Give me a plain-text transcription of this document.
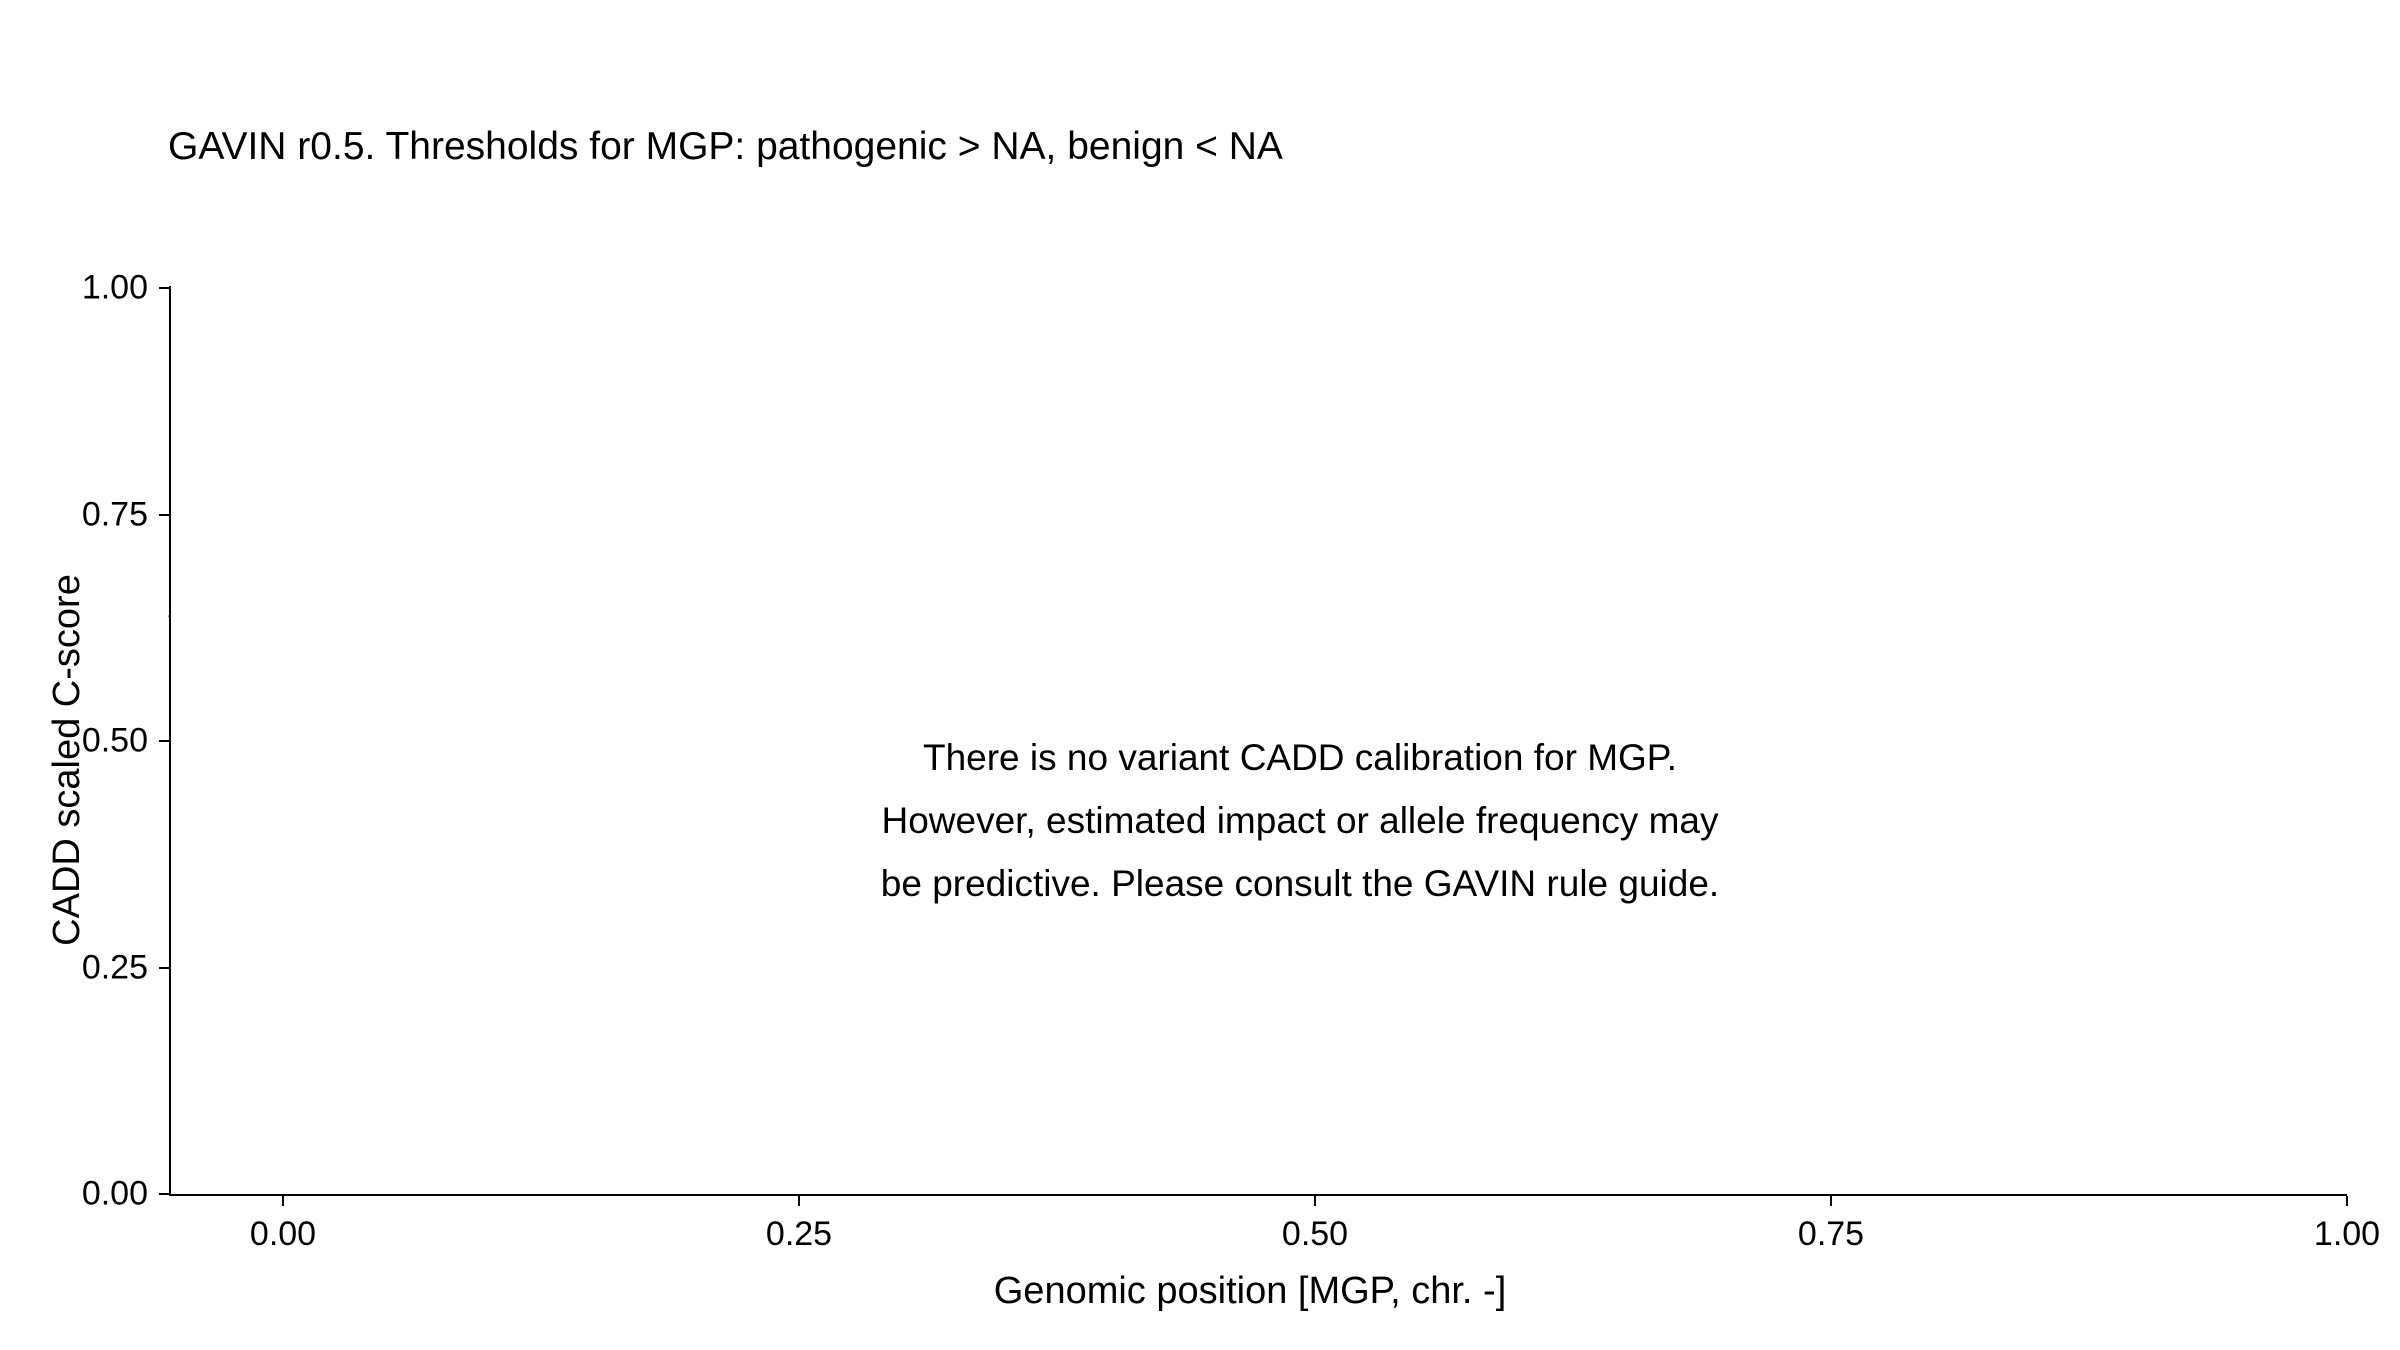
GAVIN r0.5. Thresholds for MGP: pathogenic > NA, benign < NA

CADD scaled C-score	There is no variant CADD calibration for MGP.
However, estimated impact or allele frequency may
be predictive. Please consult the GAVIN rule guide.
0.00
0.25
0.50
0.75
1.00
0.00	0.25	0.50	0.75	1.00
Genomic position [MGP, chr. -]
